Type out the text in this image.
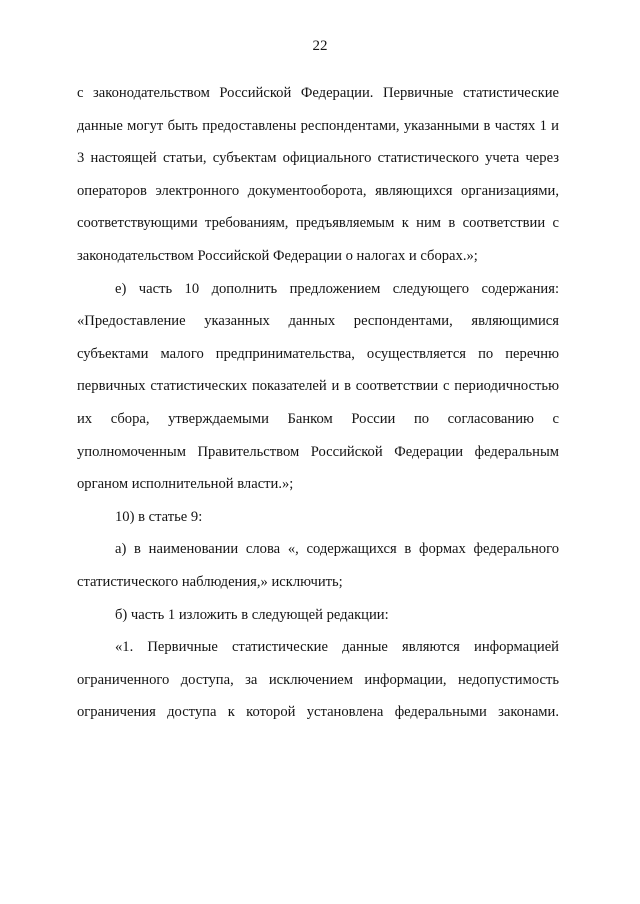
22

с законодательством Российской Федерации. Первичные статистические данные могут быть предоставлены респондентами, указанными в частях 1 и 3 настоящей статьи, субъектам официального статистического учета через операторов электронного документооборота, являющихся организациями, соответствующими требованиям, предъявляемым к ним в соответствии с законодательством Российской Федерации о налогах и сборах.»;

е) часть 10 дополнить предложением следующего содержания: «Предоставление указанных данных респондентами, являющимися субъектами малого предпринимательства, осуществляется по перечню первичных статистических показателей и в соответствии с периодичностью их сбора, утверждаемыми Банком России по согласованию с уполномоченным Правительством Российской Федерации федеральным органом исполнительной власти.»;

10) в статье 9:

а) в наименовании слова «, содержащихся в формах федерального статистического наблюдения,» исключить;

б) часть 1 изложить в следующей редакции:

«1. Первичные статистические данные являются информацией ограниченного доступа, за исключением информации, недопустимость ограничения доступа к которой установлена федеральными законами.
